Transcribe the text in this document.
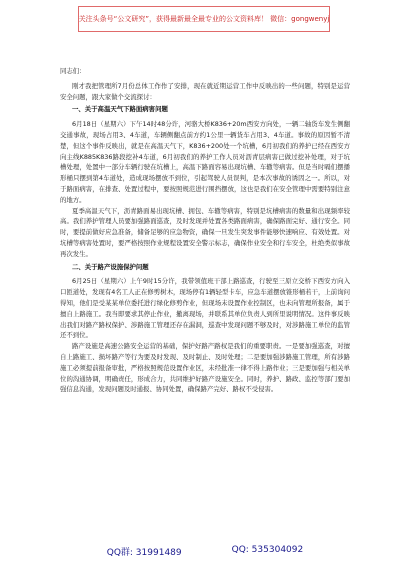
关注头条号“公文研究”，获得最新最全最专业的公文资料库！ 微信：gongwenyj

同志们：

刚才我把管理所7月份总体工作作了安排，现在就近期运营工作中反映出的一些问题，特别是运营安全问题，跟大家做个交流探讨：

一、关于高温天气下路面病害问题

6月18日（星期六）下午14时48分许，河骆大桥K836+20m西安方向处，一辆二轴货车发生侧翻交通事故，现场占用3、4车道，车辆侧翻点前方约1公里一辆货车占用3、4车道。事故的原因暂不清楚，但这个事件反映出，就是在高温天气下，K836+200处一个坑槽，6月初我们的养护已经在西安方向主线K885K836路段挖补4车道，6月初我们的养护工作人员对沥青层病害已做过挖补处理，对于坑槽处理，处置中一部分车辆行驶在坑槽上，高温下路面容易出现坑槽、车辙等病害。但是当时嗝们摆播形桶只摆到第4车道处，造成现场摆放不到位，引起驾驶人员误判，是本次事故的诱因之一。所以，对于路面病害，在排查、处置过程中，要按照规范进行围挡摆放，这也是我们在安全管理中需要特别注意的地方。

夏季高温天气下，沥青路面易出现坑槽、拥包、车辙等病害，特别是坑槽病害的数量和出现频率较高。我们养护管理人员要加强路面巡查，及时发现并处置各类路面病害，确保路面完好、通行安全。同时，要提前做好应急准备，储备足够的应急物资，确保一旦发生突发事件能够快速响应、有效处置。对坑槽等病害处置时，要严格按照作业规程设置安全警示标志，确保作业安全和行车安全，杜绝类似事故再次发生。

二、关于路产设施保护问题

6月25日（星期六）上午9时15分许，我带领值班干部上路巡查，行驶至三原立交桥下西安方向入口匝道处，发现有4名工人正在修剪树木，现场停有1辆轻型卡车，应急车道摆放锥形桶若干，上前询问得知，他们是受某某单位委托进行绿化修剪作业，但现场未设置作业控制区，也未向管理所报备，属于擅自上路施工。我当即要求其停止作业，撤离现场，并联系其单位负责人到所里说明情况。这件事反映出我们对路产路权保护、涉路施工管理还存在漏洞，巡查中发现问题不够及时，对涉路施工单位的监管还不到位。

路产设施是高速公路安全运营的基础，保护好路产路权是我们的重要职责。一是要加强巡查，对擅自上路施工、损坏路产等行为要及时发现、及时制止、及时处理；二是要加强涉路施工管理，所有涉路施工必须提前报备审批，严格按照规范设置作业区，未经批准一律不得上路作业；三是要加强与相关单位的沟通协调，明确责任，形成合力，共同维护好路产设施安全。同时，养护、路政、监控等部门要加强信息沟通，发现问题及时通报、协同处置，确保路产完好、路权不受侵害。

QQ群: 31991489	QQ: 535304092
